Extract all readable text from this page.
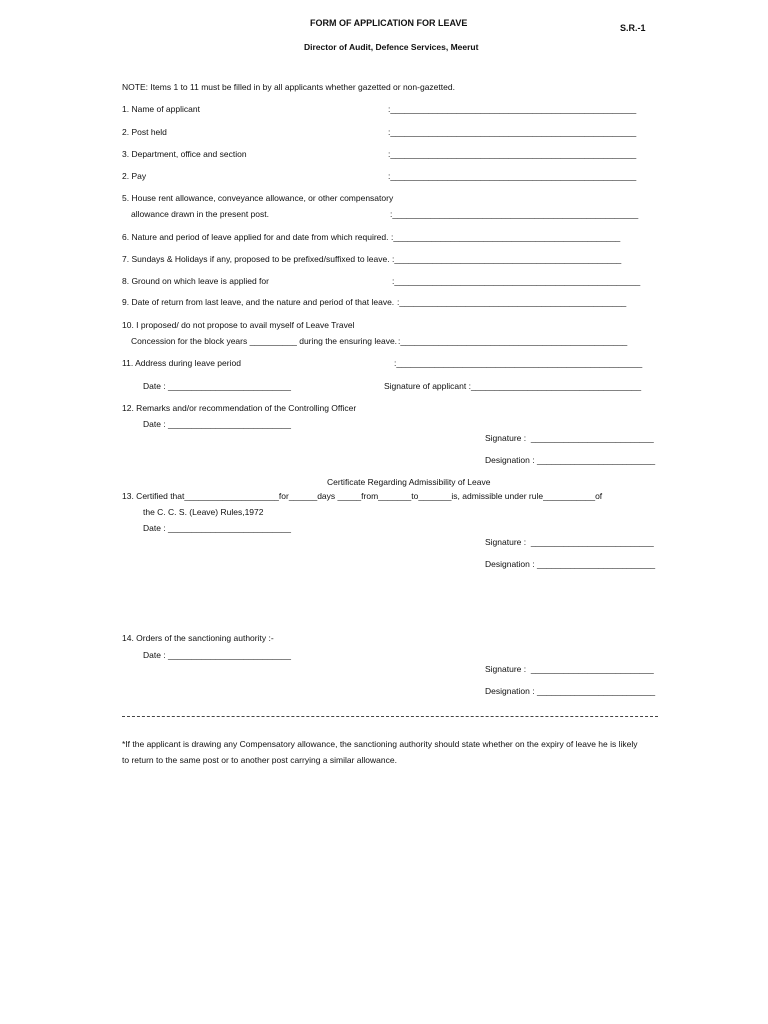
FORM OF APPLICATION FOR LEAVE	S.R.-1
Director of Audit, Defence Services, Meerut
NOTE: Items 1 to 11 must be filled in by all applicants whether gazetted or non-gazetted.
1. Name of applicant	:____________________________________________________
2. Post held	:____________________________________________________
3. Department, office and section	:____________________________________________________
2. Pay	:____________________________________________________
5. House rent allowance, conveyance allowance, or other compensatory
allowance drawn in the present post.	:____________________________________________________
6. Nature and period of leave applied for and date from which required. :________________________________________________
7. Sundays & Holidays if any, proposed to be prefixed/suffixed to leave. :________________________________________________
8. Ground on which leave is applied for	:____________________________________________________
9. Date of return from last leave, and the nature and period of that leave. :________________________________________________
10. I proposed/ do not propose to avail myself of Leave Travel
Concession for the block years __________ during the ensuring leave. :________________________________________________
11. Address during leave period	:____________________________________________________
Date : __________________________	Signature of applicant :____________________________________
12. Remarks and/or recommendation of the Controlling Officer
Date : __________________________
Signature :  __________________________
Designation : _________________________
Certificate Regarding Admissibility of Leave
13. Certified that____________________for______days _____from_______to_______is, admissible under rule___________of
the C. C. S. (Leave) Rules,1972
Date : __________________________
Signature :  __________________________
Designation : _________________________
14. Orders of the sanctioning authority :-
Date : __________________________
Signature :  __________________________
Designation : _________________________
*If the applicant is drawing any Compensatory allowance, the sanctioning authority should state whether on the expiry of leave he is likely
to return to the same post or to another post carrying a similar allowance.
